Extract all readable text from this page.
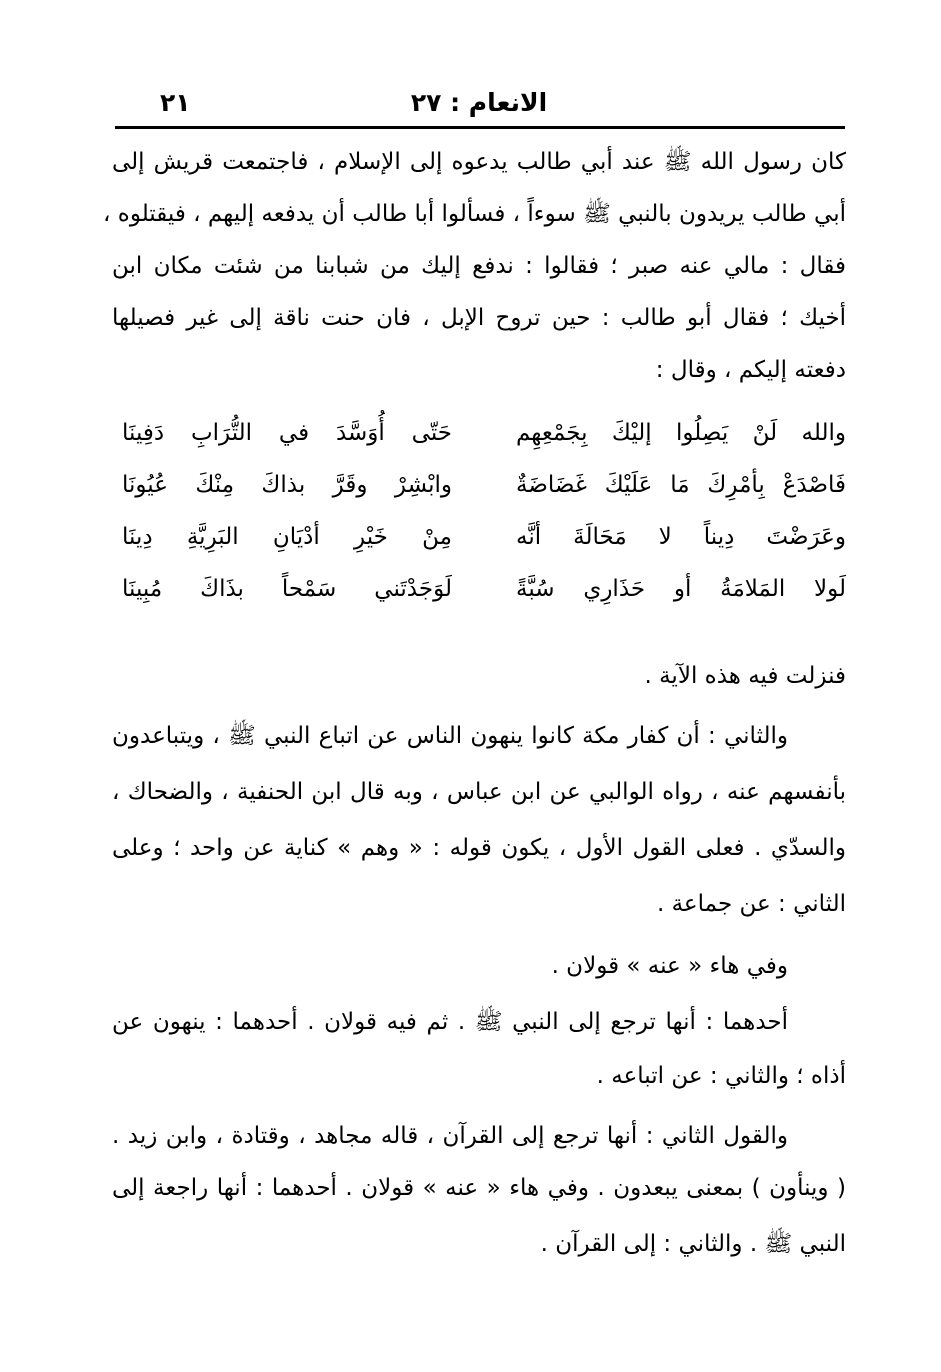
الانعام : ٢٧
٢١
كان رسول الله ﷺ عند أبي طالب يدعوه إلى الإسلام ، فاجتمعت قريش إلى
أبي طالب يريدون بالنبي ﷺ سوءاً ، فسألوا أبا طالب أن يدفعه إليهم ، فيقتلوه ،
فقال : مالي عنه صبر ؛ فقالوا : ندفع إليك من شبابنا من شئت مكان ابن
أخيك ؛ فقال أبو طالب : حين تروح الإبل ، فان حنت ناقة إلى غير فصيلها
دفعته إليكم ، وقال :
والله لَنْ يَصِلُوا إليْكَ بِجَمْعِهِم
حَتّى أُوَسَّدَ في التُّرَابِ دَفِينَا
فَاصْدَعْ بِأمْرِكَ مَا عَلَيْكَ غَضَاضَةٌ
وابْشِرْ وقَرَّ بذاكَ مِنْكَ عُيُونَا
وعَرَضْتَ دِيناً لا مَحَالَةَ أنَّه
مِنْ خَيْرِ أدْيَانِ البَرِيَّةِ دِينَا
لَولا المَلامَةُ أو حَذَارِي سُبَّةً
لَوَجَدْتَني سَمْحاً بذَاكَ مُبِينَا
فنزلت فيه هذه الآية .
والثاني : أن كفار مكة كانوا ينهون الناس عن اتباع النبي ﷺ ، ويتباعدون
بأنفسهم عنه ، رواه الوالبي عن ابن عباس ، وبه قال ابن الحنفية ، والضحاك ،
والسدّي . فعلى القول الأول ، يكون قوله : « وهم » كناية عن واحد ؛ وعلى
الثاني : عن جماعة .
وفي هاء « عنه » قولان .
أحدهما : أنها ترجع إلى النبي ﷺ . ثم فيه قولان . أحدهما : ينهون عن
أذاه ؛ والثاني : عن اتباعه .
والقول الثاني : أنها ترجع إلى القرآن ، قاله مجاهد ، وقتادة ، وابن زيد .
( وينأون ) بمعنى يبعدون . وفي هاء « عنه » قولان . أحدهما : أنها راجعة إلى
النبي ﷺ . والثاني : إلى القرآن .
